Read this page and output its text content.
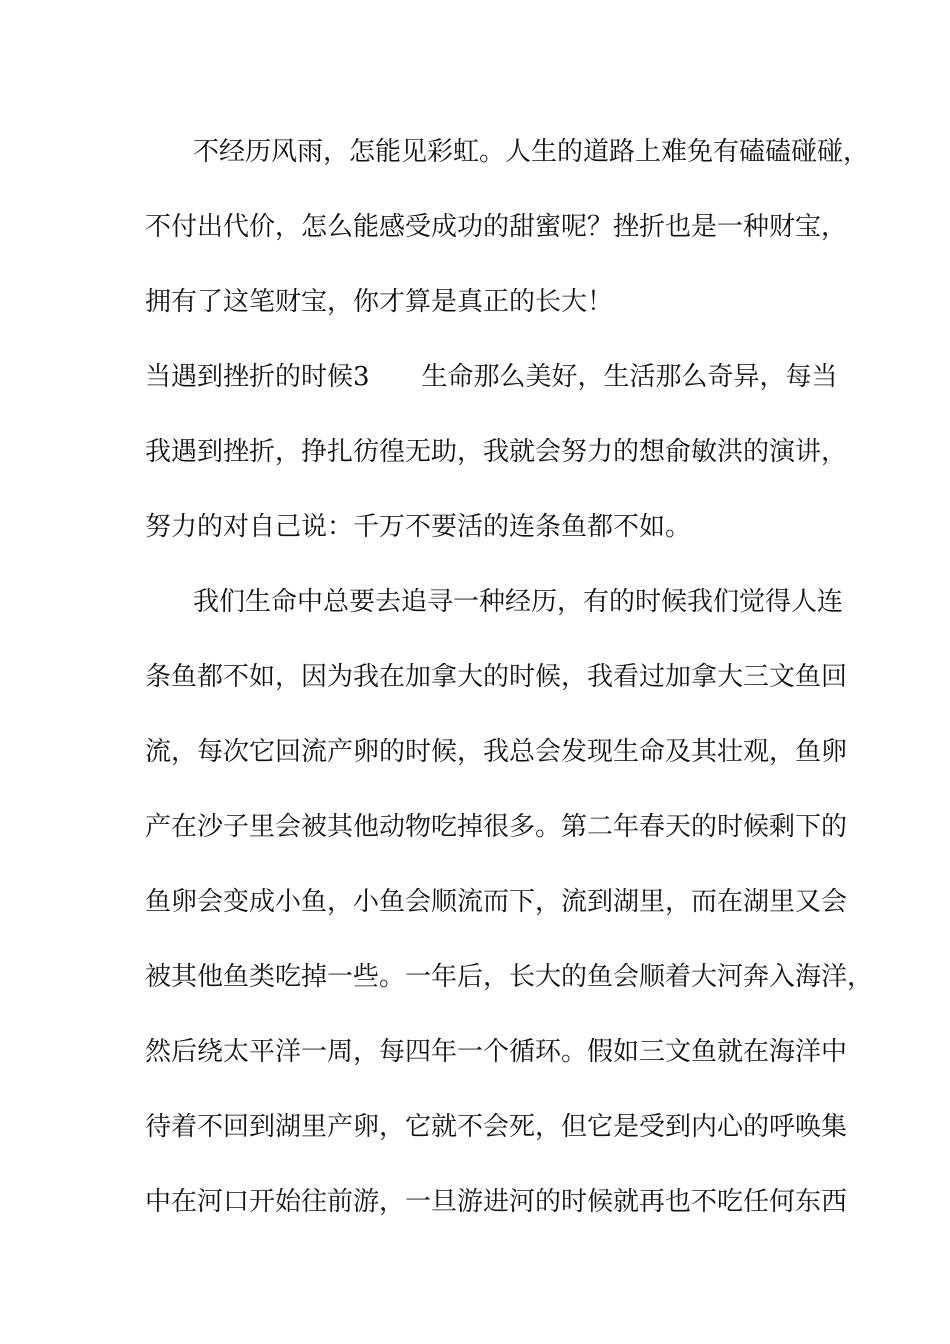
不经历风雨，怎能见彩虹。人生的道路上难免有磕磕碰碰，
不付出代价，怎么能感受成功的甜蜜呢？挫折也是一种财宝，
拥有了这笔财宝，你才算是真正的长大！
当遇到挫折的时候3　　生命那么美好，生活那么奇异，每当
我遇到挫折，挣扎彷徨无助，我就会努力的想俞敏洪的演讲，
努力的对自己说：千万不要活的连条鱼都不如。
我们生命中总要去追寻一种经历，有的时候我们觉得人连
条鱼都不如，因为我在加拿大的时候，我看过加拿大三文鱼回
流，每次它回流产卵的时候，我总会发现生命及其壮观，鱼卵
产在沙子里会被其他动物吃掉很多。第二年春天的时候剩下的
鱼卵会变成小鱼，小鱼会顺流而下，流到湖里，而在湖里又会
被其他鱼类吃掉一些。一年后，长大的鱼会顺着大河奔入海洋，
然后绕太平洋一周，每四年一个循环。假如三文鱼就在海洋中
待着不回到湖里产卵，它就不会死，但它是受到内心的呼唤集
中在河口开始往前游，一旦游进河的时候就再也不吃任何东西
